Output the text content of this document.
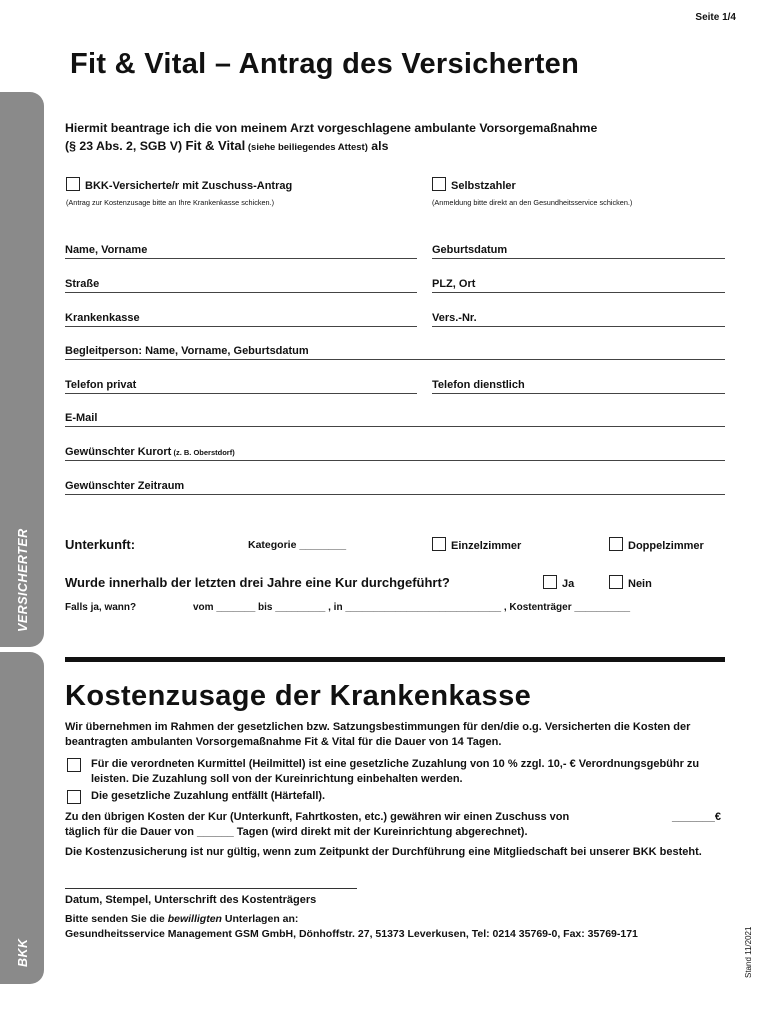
Seite 1/4
Fit & Vital – Antrag des Versicherten
VERSICHERTER
BKK
Hiermit beantrage ich die von meinem Arzt vorgeschlagene ambulante Vorsorgemaßnahme
(§ 23 Abs. 2, SGB V) Fit & Vital (siehe beiliegendes Attest) als
BKK-Versicherte/r mit Zuschuss-Antrag
(Antrag zur Kostenzusage bitte an Ihre Krankenkasse schicken.)
Selbstzahler
(Anmeldung bitte direkt an den Gesundheitsservice schicken.)
Name, Vorname	Geburtsdatum
Straße	PLZ, Ort
Krankenkasse	Vers.-Nr.
Begleitperson: Name, Vorname, Geburtsdatum
Telefon privat	Telefon dienstlich
E-Mail
Gewünschter Kurort (z. B. Oberstdorf)
Gewünschter Zeitraum
Unterkunft:	Kategorie ________	Einzelzimmer	Doppelzimmer
Wurde innerhalb der letzten drei Jahre eine Kur durchgeführt?	Ja	Nein
Falls ja, wann?	vom _______ bis _________ , in ____________________________ , Kostenträger __________
Kostenzusage der Krankenkasse
Wir übernehmen im Rahmen der gesetzlichen bzw. Satzungsbestimmungen für den/die o.g. Versicherten die Kosten der beantragten ambulanten Vorsorgemaßnahme Fit & Vital für die Dauer von 14 Tagen.
Für die verordneten Kurmittel (Heilmittel) ist eine gesetzliche Zuzahlung von 10 % zzgl. 10,- € Verordnungsgebühr zu leisten. Die Zuzahlung soll von der Kureinrichtung einbehalten werden.
Die gesetzliche Zuzahlung entfällt (Härtefall).
Zu den übrigen Kosten der Kur (Unterkunft, Fahrtkosten, etc.) gewähren wir einen Zuschuss von	_______€
täglich für die Dauer von ______ Tagen (wird direkt mit der Kureinrichtung abgerechnet).
Die Kostenzusicherung ist nur gültig, wenn zum Zeitpunkt der Durchführung eine Mitgliedschaft bei unserer BKK besteht.
Datum, Stempel, Unterschrift des Kostenträgers
Bitte senden Sie die bewilligten Unterlagen an:
Gesundheitsservice Management GSM GmbH, Dönhoffstr. 27, 51373 Leverkusen, Tel: 0214 35769-0, Fax: 35769-171	Stand 11/2021
